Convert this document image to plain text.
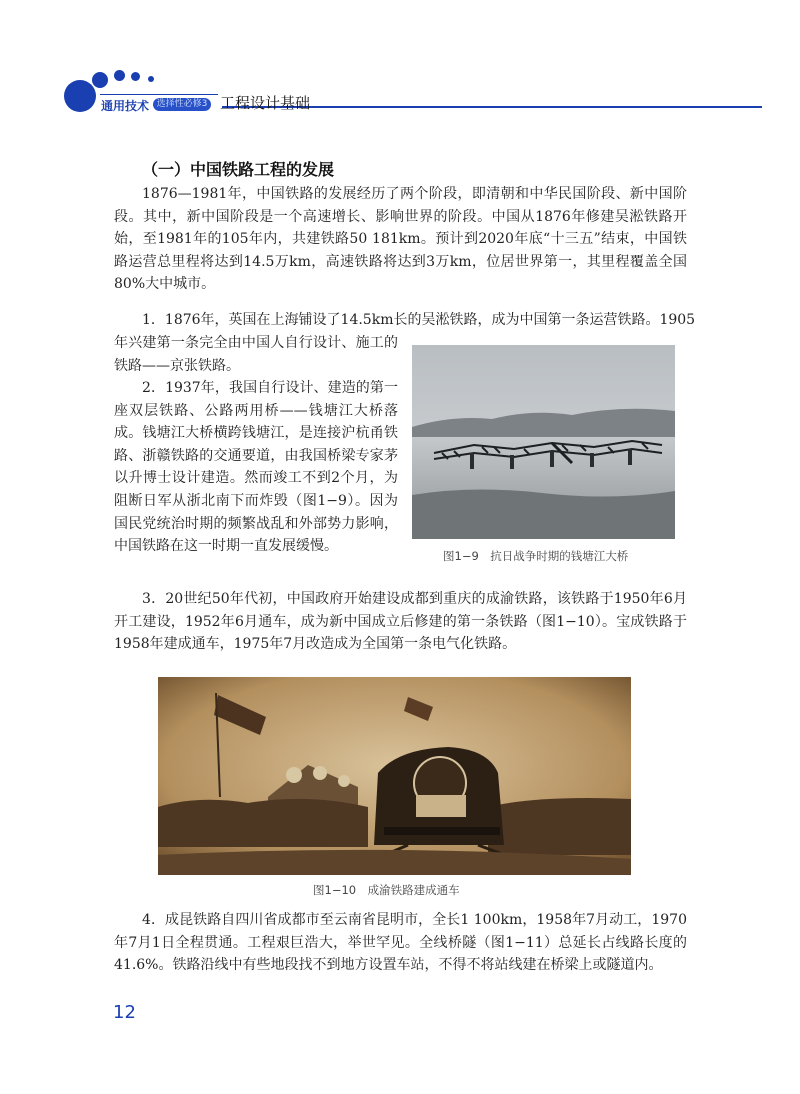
通用技术 选择性必修3 工程设计基础
（一）中国铁路工程的发展

1876—1981年，中国铁路的发展经历了两个阶段，即清朝和中华民国阶段、新中国阶段。其中，新中国阶段是一个高速增长、影响世界的阶段。中国从1876年修建吴淞铁路开始，至1981年的105年内，共建铁路50 181km。预计到2020年底“十三五”结束，中国铁路运营总里程将达到14.5万km，高速铁路将达到3万km，位居世界第一，其里程覆盖全国80%大中城市。

1．1876年，英国在上海铺设了14.5km长的吴淞铁路，成为中国第一条运营铁路。1905

年兴建第一条完全由中国人自行设计、施工的铁路——京张铁路。

2．1937年，我国自行设计、建造的第一座双层铁路、公路两用桥——钱塘江大桥落成。钱塘江大桥横跨钱塘江，是连接沪杭甬铁路、浙赣铁路的交通要道，由我国桥梁专家茅以升博士设计建造。然而竣工不到2个月，为阻断日军从浙北南下而炸毁（图1−9）。因为国民党统治时期的频繁战乱和外部势力影响，中国铁路在这一时期一直发展缓慢。

图1−9　抗日战争时期的钱塘江大桥

3．20世纪50年代初，中国政府开始建设成都到重庆的成渝铁路，该铁路于1950年6月开工建设，1952年6月通车，成为新中国成立后修建的第一条铁路（图1−10）。宝成铁路于1958年建成通车，1975年7月改造成为全国第一条电气化铁路。

图1−10　成渝铁路建成通车

4．成昆铁路自四川省成都市至云南省昆明市，全长1 100km，1958年7月动工，1970年7月1日全程贯通。工程艰巨浩大，举世罕见。全线桥隧（图1−11）总延长占线路长度的41.6%。铁路沿线中有些地段找不到地方设置车站，不得不将站线建在桥梁上或隧道内。

12
